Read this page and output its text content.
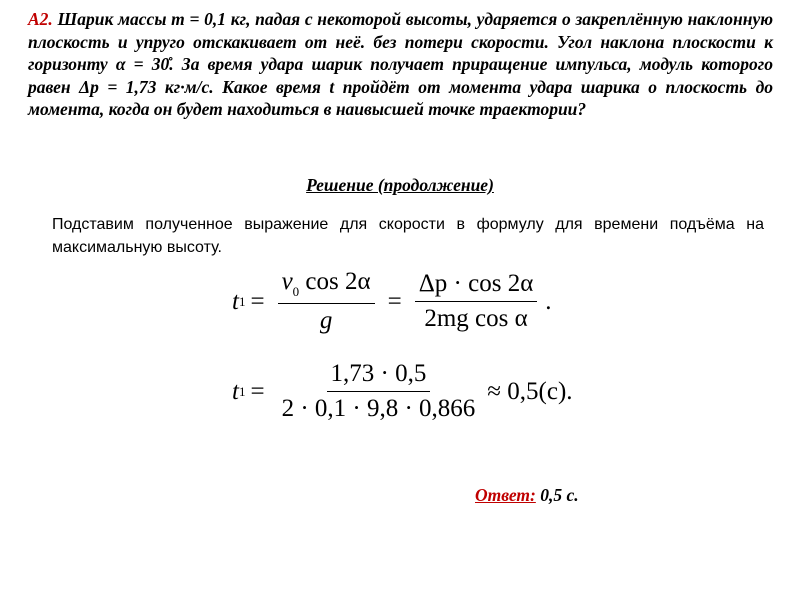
А2. Шарик массы m = 0,1 кг, падая с некоторой высоты, ударяется о закреплённую наклонную плоскость и упруго отскакивает от неё. без потери скорости. Угол наклона плоскости к горизонту α = 30̊. За время удара шарик получает приращение импульса, модуль которого равен Δp = 1,73 кг·м/с. Какое время t пройдёт от момента удара шарика о плоскость до момента, когда он будет находиться в наивысшей точке траектории?
Решение (продолжение)
Подставим полученное выражение для скорости в формулу для времени подъёма на максимальную высоту.
t $1 = \frac{v_0 \cos 2\alpha}{g} = \frac{\Delta p \cdot \cos 2\alpha}{\text{2mg cos α}}$ .
t $1 = \frac{1,73 \cdot 0,5}{2 \cdot 0,1 \cdot 9,8 \cdot 0,866} \approx 0,5(c)$.
Ответ: 0,5 с.
